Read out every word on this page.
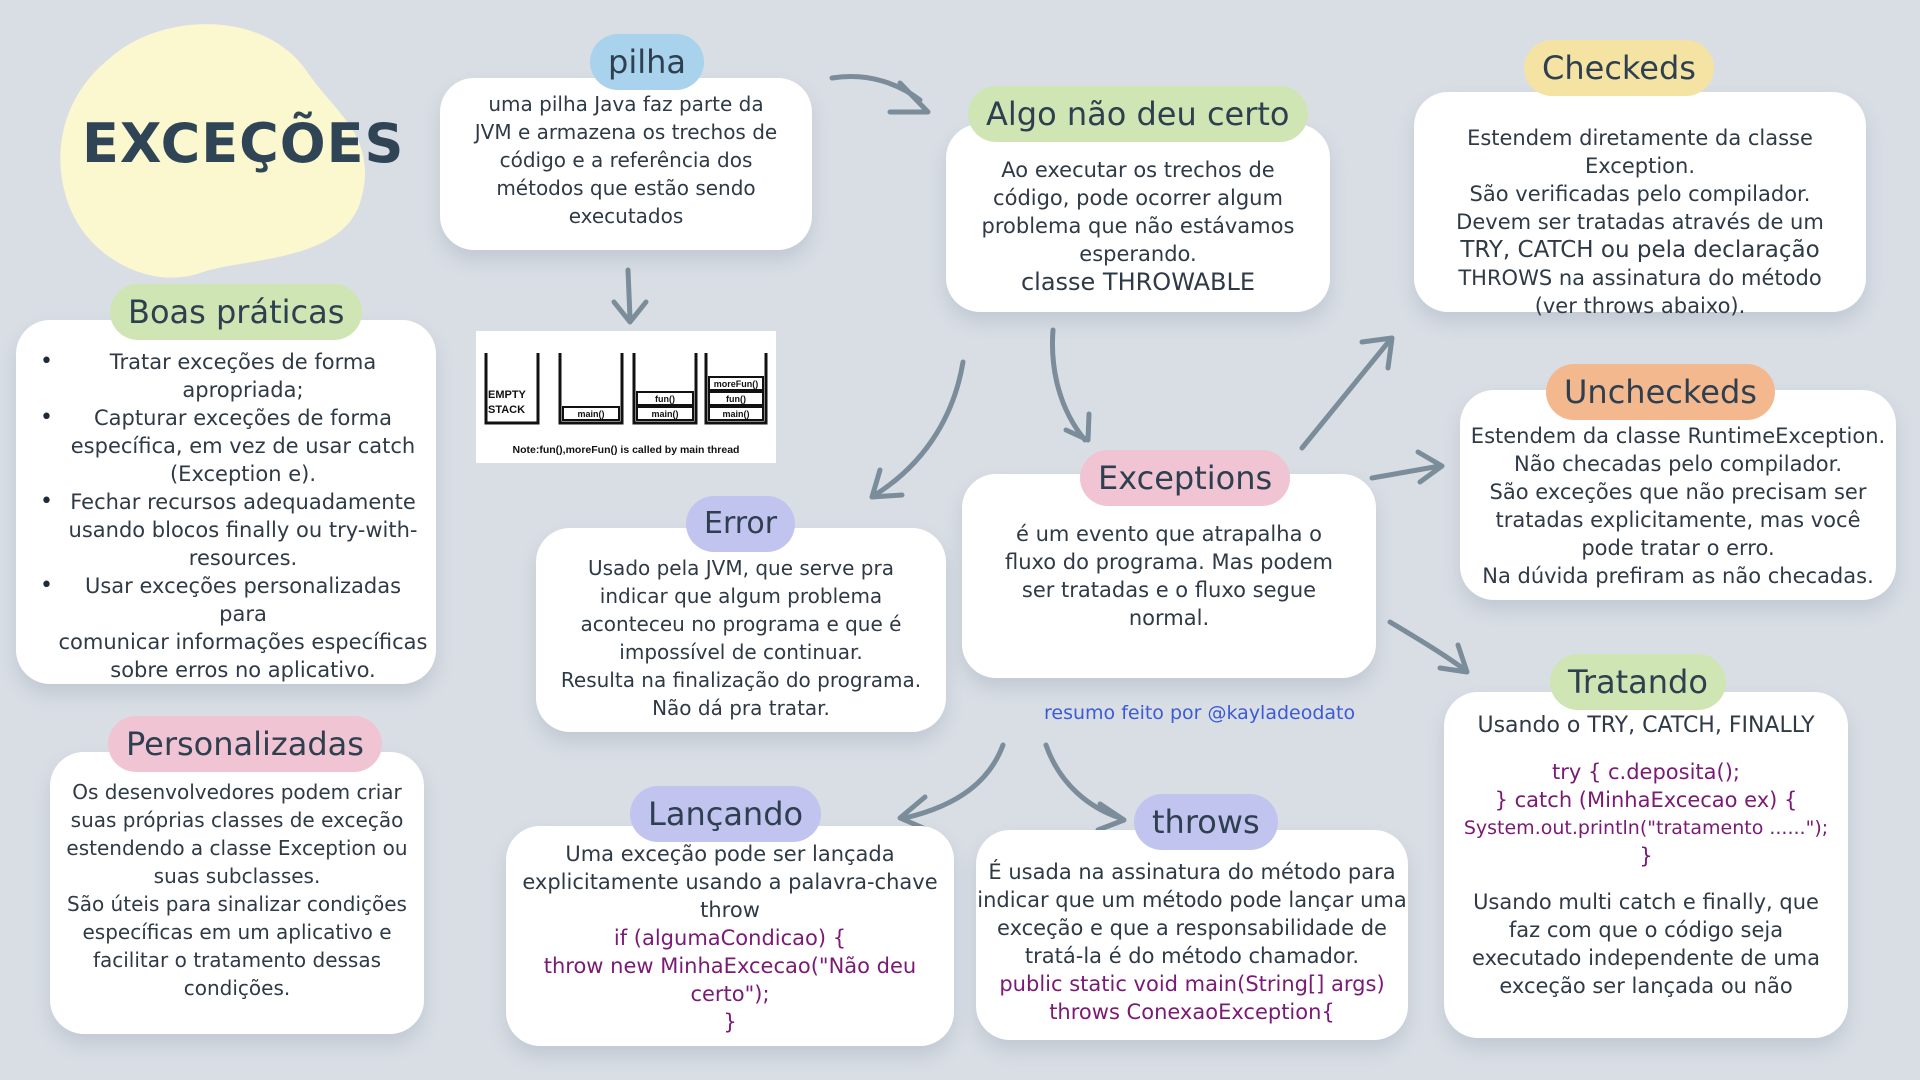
EXCEÇÕES
uma pilha Java faz parte da
JVM e armazena os trechos de
código e a referência dos
métodos que estão sendo
executados
pilha
EMPTY
STACK	main()	main()
fun()
main()
fun()
moreFun()
Note:fun(),moreFun() is called by main thread
Ao executar os trechos de
código, pode ocorrer algum
problema que não estávamos
esperando.
classe THROWABLE
Algo não deu certo
Estendem diretamente da classe Exception.
São verificadas pelo compilador.
Devem ser tratadas através de um
TRY, CATCH ou pela declaração
THROWS na assinatura do método
(ver throws abaixo).
Checkeds
• Tratar exceções de forma
apropriada;
• Capturar exceções de forma
específica, em vez de usar catch
(Exception e).
• Fechar recursos adequadamente
usando blocos finally ou try-with-
resources.
• Usar exceções personalizadas para
comunicar informações específicas
sobre erros no aplicativo.
Boas práticas
Estendem da classe RuntimeException.
Não checadas pelo compilador.
São exceções que não precisam ser
tratadas explicitamente, mas você
pode tratar o erro.
Na dúvida prefiram as não checadas.
Uncheckeds
Usado pela JVM, que serve pra
indicar que algum problema
aconteceu no programa e que é
impossível de continuar.
Resulta na finalização do programa.
Não dá pra tratar.
Error	é um evento que atrapalha o
fluxo do programa. Mas podem
ser tratadas e o fluxo segue
normal.
Exceptions
resumo feito por @kayladeodato
Os desenvolvedores podem criar
suas próprias classes de exceção
estendendo a classe Exception ou
suas subclasses.
São úteis para sinalizar condições
específicas em um aplicativo e
facilitar o tratamento dessas
condições.
Personalizadas
Uma exceção pode ser lançada
explicitamente usando a palavra-chave
throw
if (algumaCondicao) {
throw new MinhaExcecao("Não deu
certo");
}
Lançando
É usada na assinatura do método para
indicar que um método pode lançar uma
exceção e que a responsabilidade de
tratá-la é do método chamador.
public static void main(String[] args)
throws ConexaoException{
throws
Usando o TRY, CATCH, FINALLY
try { c.deposita();
} catch (MinhaExcecao ex) {
System.out.println("tratamento ......");
}
Usando multi catch e finally, que
faz com que o código seja
executado independente de uma
exceção ser lançada ou não
Tratando
